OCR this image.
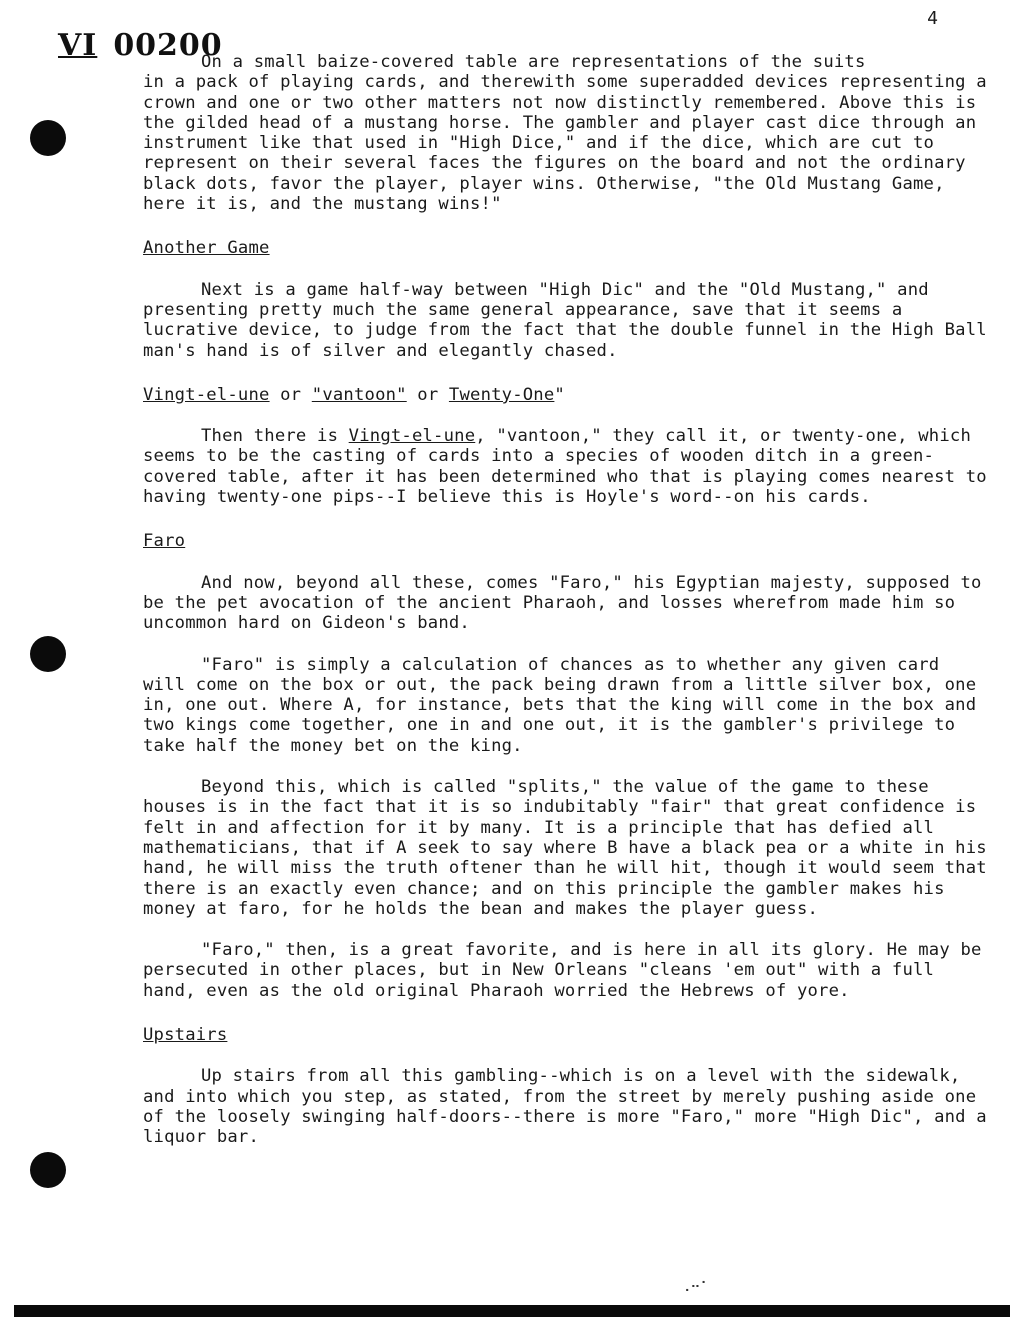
4
VI 00200

On a small baize-covered table are representations of the suits

in a pack of playing cards, and therewith some superadded devices representing a crown and one or two other matters not now distinctly remembered. Above this is the gilded head of a mustang horse. The gambler and player cast dice through an instrument like that used in "High Dice," and if the dice, which are cut to represent on their several faces the figures on the board and not the ordinary black dots, favor the player, player wins. Otherwise, "the Old Mustang Game, here it is, and the mustang wins!"

Another Game

Next is a game half-way between "High Dic" and the "Old Mustang," and presenting pretty much the same general appearance, save that it seems a lucrative device, to judge from the fact that the double funnel in the High Ball man's hand is of silver and elegantly chased.

Vingt-el-une or "vantoon" or Twenty-One"

Then there is Vingt-el-une, "vantoon," they call it, or twenty-one, which seems to be the casting of cards into a species of wooden ditch in a green-covered table, after it has been determined who that is playing comes nearest to having twenty-one pips--I believe this is Hoyle's word--on his cards.

Faro

And now, beyond all these, comes "Faro," his Egyptian majesty, supposed to be the pet avocation of the ancient Pharaoh, and losses wherefrom made him so uncommon hard on Gideon's band.

"Faro" is simply a calculation of chances as to whether any given card will come on the box or out, the pack being drawn from a little silver box, one in, one out. Where A, for instance, bets that the king will come in the box and two kings come together, one in and one out, it is the gambler's privilege to take half the money bet on the king.

Beyond this, which is called "splits," the value of the game to these houses is in the fact that it is so indubitably "fair" that great confidence is felt in and affection for it by many. It is a principle that has defied all mathematicians, that if A seek to say where B have a black pea or a white in his hand, he will miss the truth oftener than he will hit, though it would seem that there is an exactly even chance; and on this principle the gambler makes his money at faro, for he holds the bean and makes the player guess.

"Faro," then, is a great favorite, and is here in all its glory. He may be persecuted in other places, but in New Orleans "cleans 'em out" with a full hand, even as the old original Pharaoh worried the Hebrews of yore.

Upstairs

Up stairs from all this gambling--which is on a level with the sidewalk, and into which you step, as stated, from the street by merely pushing aside one of the loosely swinging half-doors--there is more "Faro," more "High Dic", and a liquor bar.

⠠⠒⠁
